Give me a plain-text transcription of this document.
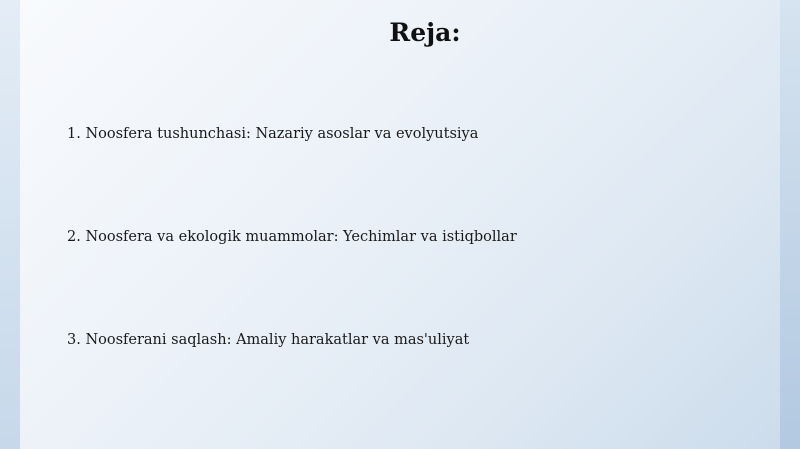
Reja:
1. Noosfera tushunchasi: Nazariy asoslar va evolyutsiya
2. Noosfera va ekologik muammolar: Yechimlar va istiqbollar
3. Noosferani saqlash: Amaliy harakatlar va mas'uliyat
